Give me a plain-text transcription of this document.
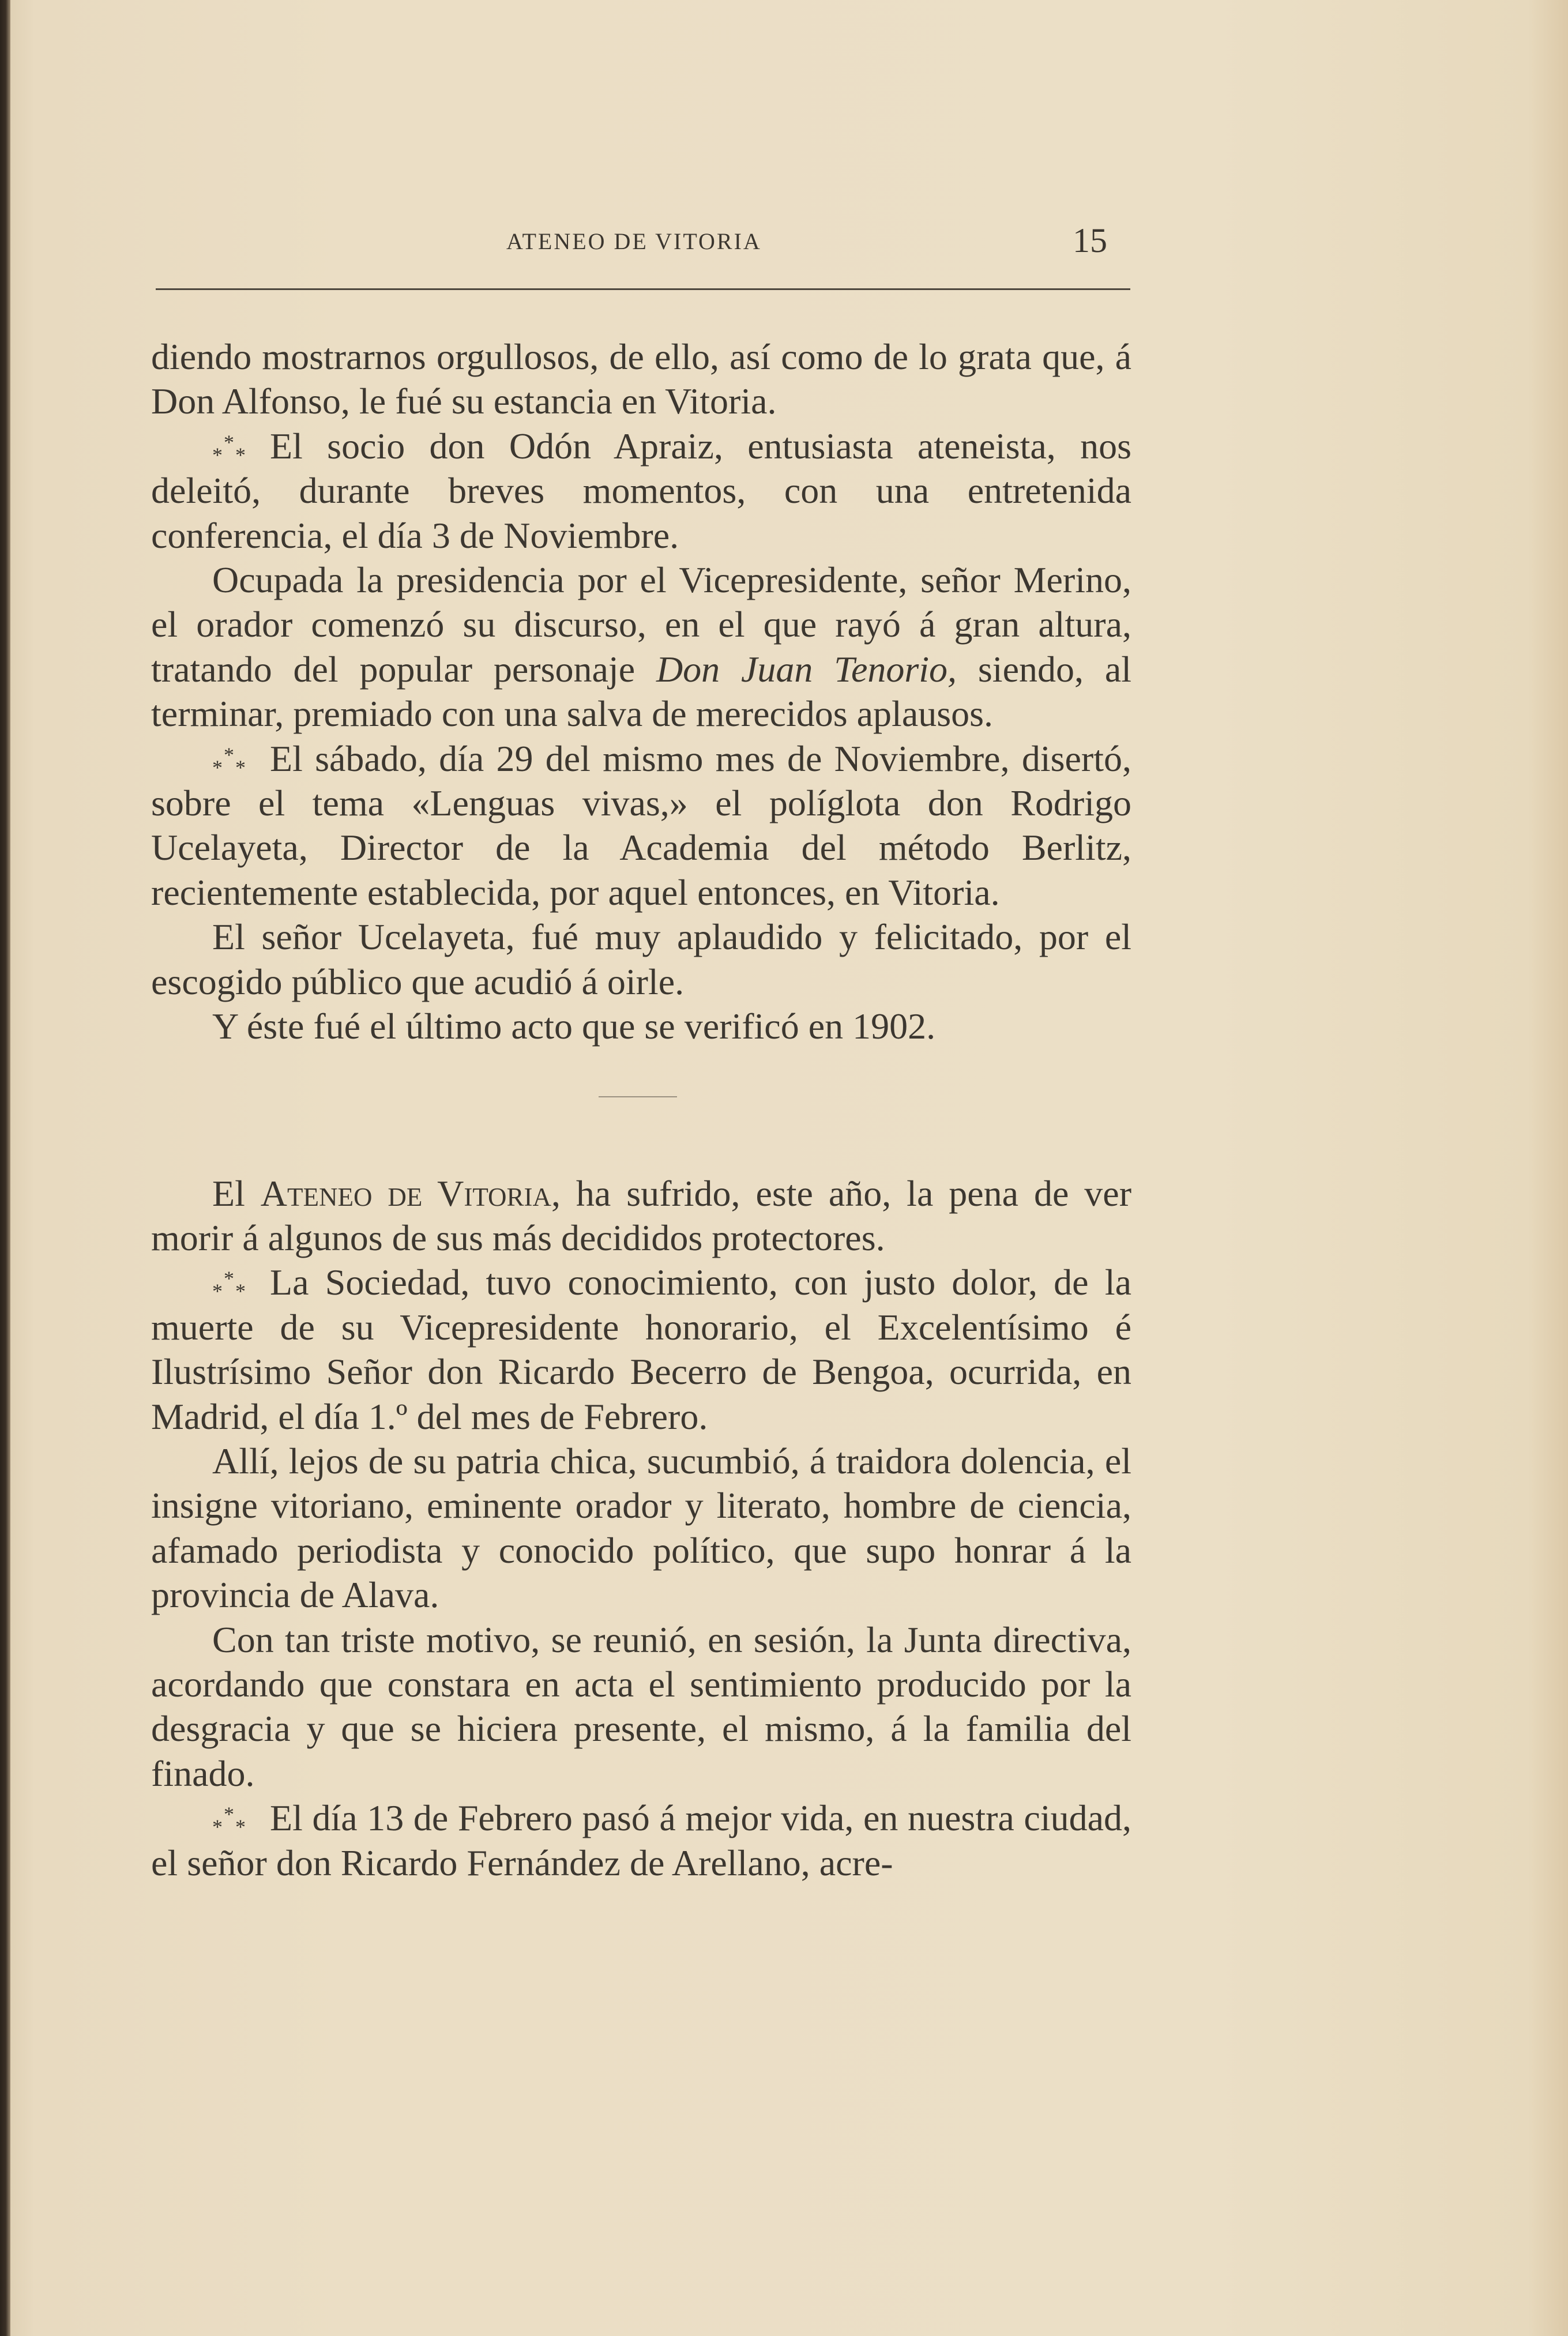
ATENEO DE VITORIA	15

diendo mostrarnos orgullosos, de ello, así como de lo grata que, á Don Alfonso, le fué su estancia en Vitoria.

*
*
* El socio don Odón Apraiz, entusiasta ateneista, nos deleitó, durante breves momentos, con una entretenida conferencia, el día 3 de Noviembre.

Ocupada la presidencia por el Vicepresidente, señor Merino, el orador comenzó su discurso, en el que rayó á gran altura, tratando del popular personaje Don Juan Tenorio, siendo, al terminar, premiado con una salva de merecidos aplausos.

*
*
* El sábado, día 29 del mismo mes de Noviembre, disertó, sobre el tema «Lenguas vivas,» el políglota don Rodrigo Ucelayeta, Director de la Academia del método Berlitz, recientemente establecida, por aquel entonces, en Vitoria.

El señor Ucelayeta, fué muy aplaudido y felicitado, por el escogido público que acudió á oirle.

Y éste fué el último acto que se verificó en 1902.

El Ateneo de Vitoria, ha sufrido, este año, la pena de ver morir á algunos de sus más decididos protectores.

*
*
* La Sociedad, tuvo conocimiento, con justo dolor, de la muerte de su Vicepresidente honorario, el Excelentísimo é Ilustrísimo Señor don Ricardo Becerro de Bengoa, ocurrida, en Madrid, el día 1.º del mes de Febrero.

Allí, lejos de su patria chica, sucumbió, á traidora dolencia, el insigne vitoriano, eminente orador y literato, hombre de ciencia, afamado periodista y conocido político, que supo honrar á la provincia de Alava.

Con tan triste motivo, se reunió, en sesión, la Junta directiva, acordando que constara en acta el sentimiento producido por la desgracia y que se hiciera presente, el mismo, á la familia del finado.

*
*
* El día 13 de Febrero pasó á mejor vida, en nuestra ciudad, el señor don Ricardo Fernández de Arellano, acre-
